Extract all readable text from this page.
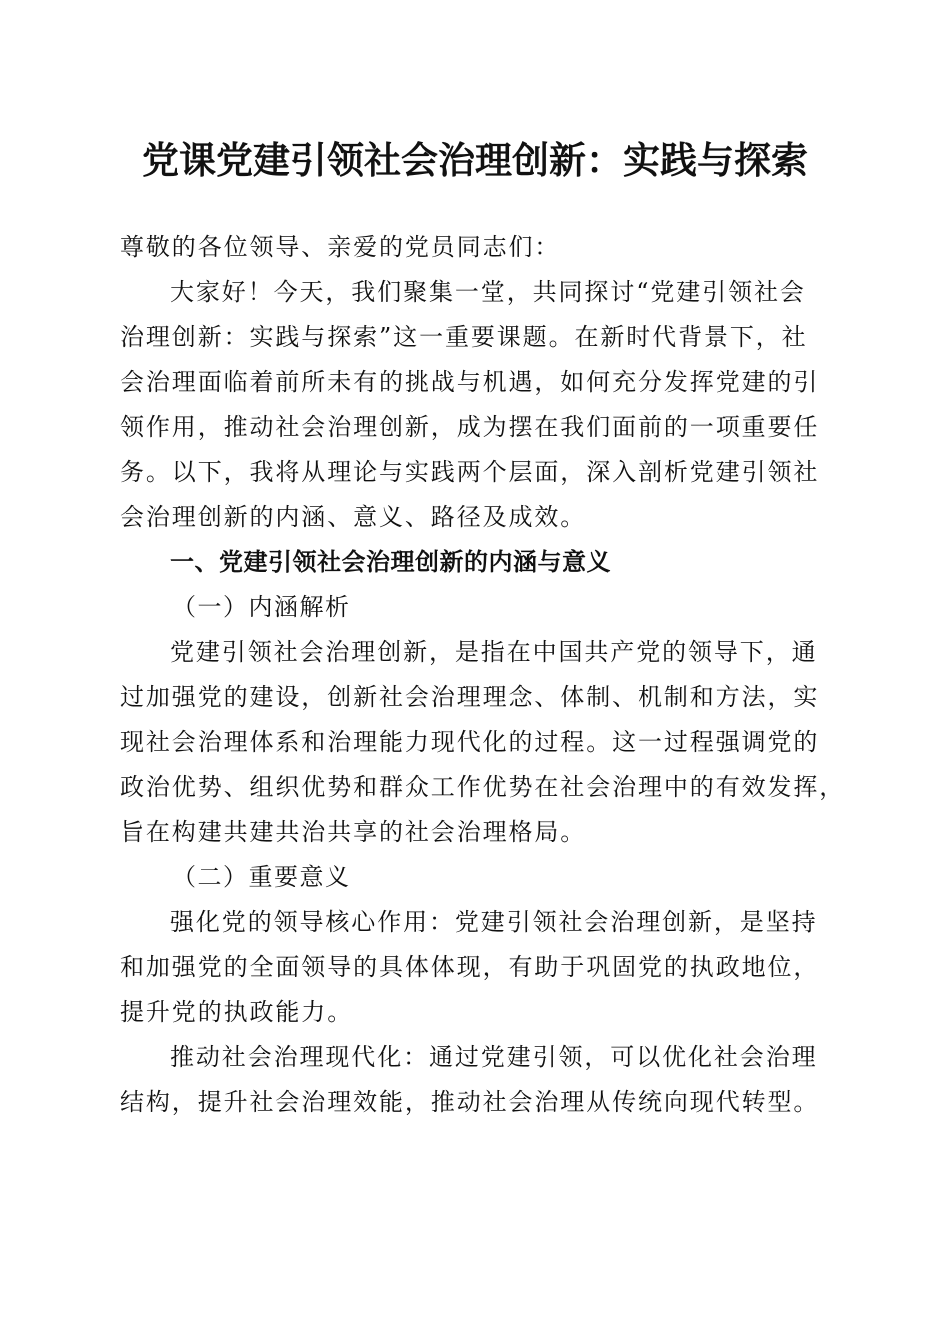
党课党建引领社会治理创新：实践与探索
尊敬的各位领导、亲爱的党员同志们：
大家好！今天，我们聚集一堂，共同探讨“党建引领社会
治理创新：实践与探索”这一重要课题。在新时代背景下，社
会治理面临着前所未有的挑战与机遇，如何充分发挥党建的引
领作用，推动社会治理创新，成为摆在我们面前的一项重要任
务。以下，我将从理论与实践两个层面，深入剖析党建引领社
会治理创新的内涵、意义、路径及成效。
一、党建引领社会治理创新的内涵与意义
（一）内涵解析
党建引领社会治理创新，是指在中国共产党的领导下，通
过加强党的建设，创新社会治理理念、体制、机制和方法，实
现社会治理体系和治理能力现代化的过程。这一过程强调党的
政治优势、组织优势和群众工作优势在社会治理中的有效发挥，
旨在构建共建共治共享的社会治理格局。
（二）重要意义
强化党的领导核心作用：党建引领社会治理创新，是坚持
和加强党的全面领导的具体体现，有助于巩固党的执政地位，
提升党的执政能力。
推动社会治理现代化：通过党建引领，可以优化社会治理
结构，提升社会治理效能，推动社会治理从传统向现代转型。
